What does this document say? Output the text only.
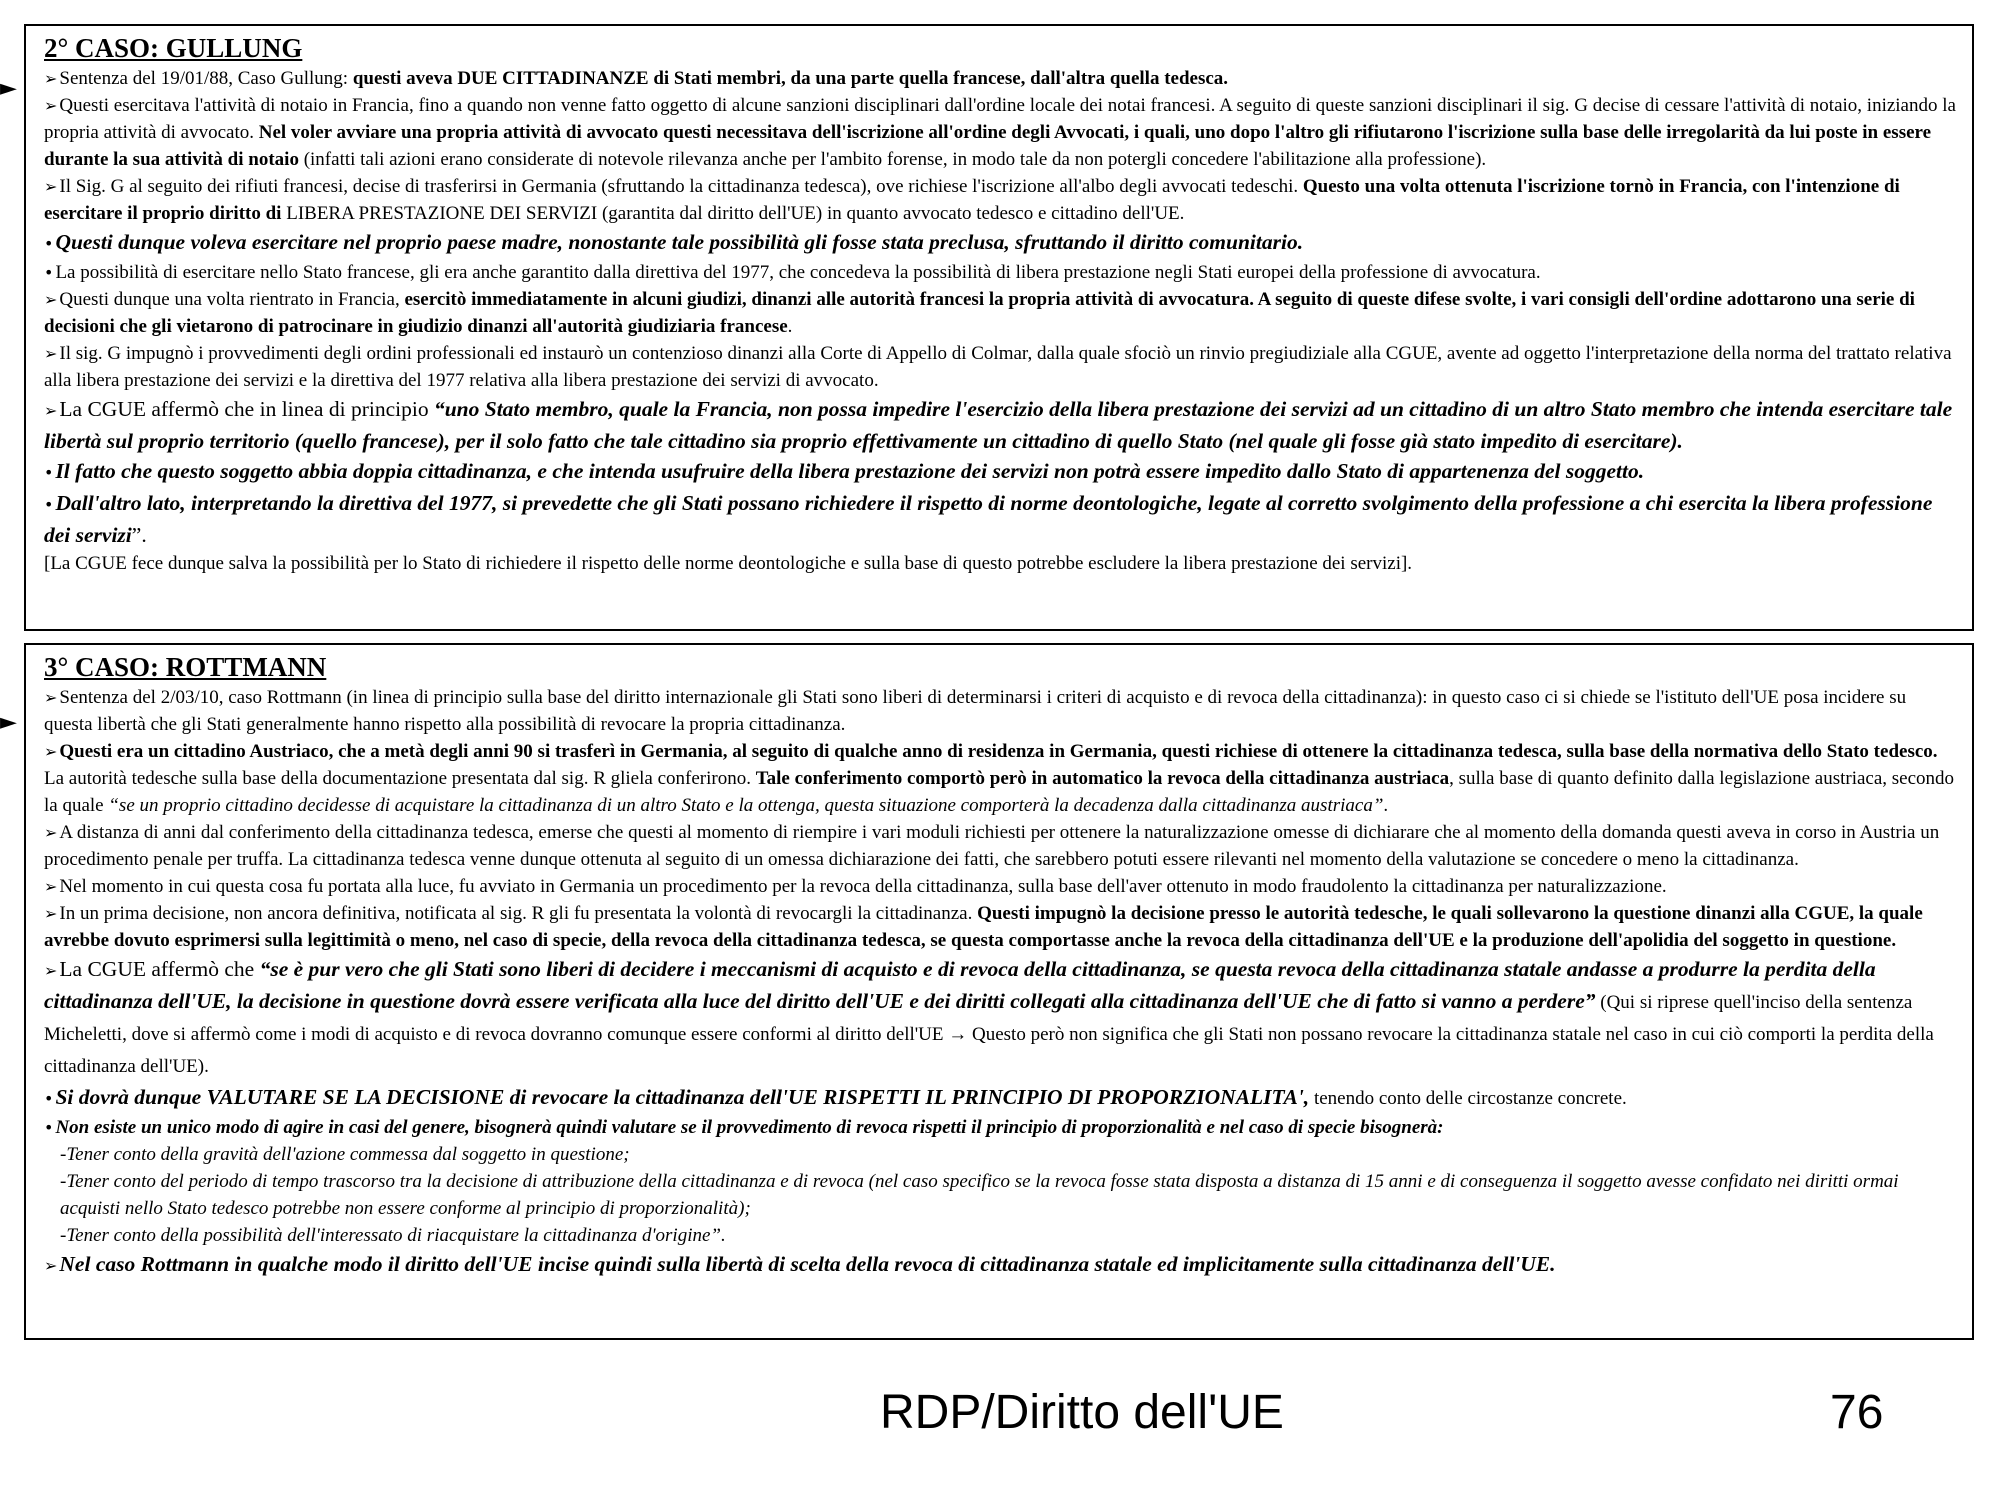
►
►
2° CASO: GULLUNG
➢ Sentenza del 19/01/88, Caso Gullung: questi aveva DUE CITTADINANZE di Stati membri, da una parte quella francese, dall'altra quella tedesca.
➢ Questi esercitava l'attività di notaio in Francia, fino a quando non venne fatto oggetto di alcune sanzioni disciplinari dall'ordine locale dei notai francesi. A seguito di queste sanzioni disciplinari il sig. G decise di cessare l'attività di notaio, iniziando la propria attività di avvocato. Nel voler avviare una propria attività di avvocato questi necessitava dell'iscrizione all'ordine degli Avvocati, i quali, uno dopo l'altro gli rifiutarono l'iscrizione sulla base delle irregolarità da lui poste in essere durante la sua attività di notaio (infatti tali azioni erano considerate di notevole rilevanza anche per l'ambito forense, in modo tale da non potergli concedere l'abilitazione alla professione).
➢ Il Sig. G al seguito dei rifiuti francesi, decise di trasferirsi in Germania (sfruttando la cittadinanza tedesca), ove richiese l'iscrizione all'albo degli avvocati tedeschi. Questo una volta ottenuta l'iscrizione tornò in Francia, con l'intenzione di esercitare il proprio diritto di LIBERA PRESTAZIONE DEI SERVIZI (garantita dal diritto dell'UE) in quanto avvocato tedesco e cittadino dell'UE.
•Questi dunque voleva esercitare nel proprio paese madre, nonostante tale possibilità gli fosse stata preclusa, sfruttando il diritto comunitario.
• La possibilità di esercitare nello Stato francese, gli era anche garantito dalla direttiva del 1977, che concedeva la possibilità di libera prestazione negli Stati europei della professione di avvocatura.
➢ Questi dunque una volta rientrato in Francia, esercitò immediatamente in alcuni giudizi, dinanzi alle autorità francesi la propria attività di avvocatura. A seguito di queste difese svolte, i vari consigli dell'ordine adottarono una serie di decisioni che gli vietarono di patrocinare in giudizio dinanzi all'autorità giudiziaria francese.
➢ Il sig. G impugnò i provvedimenti degli ordini professionali ed instaurò un contenzioso dinanzi alla Corte di Appello di Colmar, dalla quale sfociò un rinvio pregiudiziale alla CGUE, avente ad oggetto l'interpretazione della norma del trattato relativa alla libera prestazione dei servizi e la direttiva del 1977 relativa alla libera prestazione dei servizi di avvocato.
➢La CGUE affermò che in linea di principio “uno Stato membro, quale la Francia, non possa impedire l'esercizio della libera prestazione dei servizi ad un cittadino di un altro Stato membro che intenda esercitare tale libertà sul proprio territorio (quello francese), per il solo fatto che tale cittadino sia proprio effettivamente un cittadino di quello Stato (nel quale gli fosse già stato impedito di esercitare).
•Il fatto che questo soggetto abbia doppia cittadinanza, e che intenda usufruire della libera prestazione dei servizi non potrà essere impedito dallo Stato di appartenenza del soggetto.
•Dall'altro lato, interpretando la direttiva del 1977, si prevedette che gli Stati possano richiedere il rispetto di norme deontologiche, legate al corretto svolgimento della professione a chi esercita la libera professione dei servizi”.
[La CGUE fece dunque salva la possibilità per lo Stato di richiedere il rispetto delle norme deontologiche e sulla base di questo potrebbe escludere la libera prestazione dei servizi].
3° CASO: ROTTMANN
➢ Sentenza del 2/03/10, caso Rottmann (in linea di principio sulla base del diritto internazionale gli Stati sono liberi di determinarsi i criteri di acquisto e di revoca della cittadinanza): in questo caso ci si chiede se l'istituto dell'UE posa incidere su questa libertà che gli Stati generalmente hanno rispetto alla possibilità di revocare la propria cittadinanza.
➢ Questi era un cittadino Austriaco, che a metà degli anni 90 si trasferì in Germania, al seguito di qualche anno di residenza in Germania, questi richiese di ottenere la cittadinanza tedesca, sulla base della normativa dello Stato tedesco. La autorità tedesche sulla base della documentazione presentata dal sig. R gliela conferirono. Tale conferimento comportò però in automatico la revoca della cittadinanza austriaca, sulla base di quanto definito dalla legislazione austriaca, secondo la quale “se un proprio cittadino decidesse di acquistare la cittadinanza di un altro Stato e la ottenga, questa situazione comporterà la decadenza dalla cittadinanza austriaca”.
➢ A distanza di anni dal conferimento della cittadinanza tedesca, emerse che questi al momento di riempire i vari moduli richiesti per ottenere la naturalizzazione omesse di dichiarare che al momento della domanda questi aveva in corso in Austria un procedimento penale per truffa. La cittadinanza tedesca venne dunque ottenuta al seguito di un omessa dichiarazione dei fatti, che sarebbero potuti essere rilevanti nel momento della valutazione se concedere o meno la cittadinanza.
➢ Nel momento in cui questa cosa fu portata alla luce, fu avviato in Germania un procedimento per la revoca della cittadinanza, sulla base dell'aver ottenuto in modo fraudolento la cittadinanza per naturalizzazione.
➢ In un prima decisione, non ancora definitiva, notificata al sig. R gli fu presentata la volontà di revocargli la cittadinanza. Questi impugnò la decisione presso le autorità tedesche, le quali sollevarono la questione dinanzi alla CGUE, la quale avrebbe dovuto esprimersi sulla legittimità o meno, nel caso di specie, della revoca della cittadinanza tedesca, se questa comportasse anche la revoca della cittadinanza dell'UE e la produzione dell'apolidia del soggetto in questione.
➢La CGUE affermò che “se è pur vero che gli Stati sono liberi di decidere i meccanismi di acquisto e di revoca della cittadinanza, se questa revoca della cittadinanza statale andasse a produrre la perdita della cittadinanza dell'UE, la decisione in questione dovrà essere verificata alla luce del diritto dell'UE e dei diritti collegati alla cittadinanza dell'UE che di fatto si vanno a perdere” (Qui si riprese quell'inciso della sentenza Micheletti, dove si affermò come i modi di acquisto e di revoca dovranno comunque essere conformi al diritto dell'UE → Questo però non significa che gli Stati non possano revocare la cittadinanza statale nel caso in cui ciò comporti la perdita della cittadinanza dell'UE).
•Si dovrà dunque VALUTARE SE LA DECISIONE di revocare la cittadinanza dell'UE RISPETTI IL PRINCIPIO DI PROPORZIONALITA', tenendo conto delle circostanze concrete.
• Non esiste un unico modo di agire in casi del genere, bisognerà quindi valutare se il provvedimento di revoca rispetti il principio di proporzionalità e nel caso di specie bisognerà:
-Tener conto della gravità dell'azione commessa dal soggetto in questione;
-Tener conto del periodo di tempo trascorso tra la decisione di attribuzione della cittadinanza e di revoca (nel caso specifico se la revoca fosse stata disposta a distanza di 15 anni e di conseguenza il soggetto avesse confidato nei diritti ormai acquisti nello Stato tedesco potrebbe non essere conforme al principio di proporzionalità);
-Tener conto della possibilità dell'interessato di riacquistare la cittadinanza d'origine”.
➢Nel caso Rottmann in qualche modo il diritto dell'UE incise quindi sulla libertà di scelta della revoca di cittadinanza statale ed implicitamente sulla cittadinanza dell'UE.
RDP/Diritto dell'UE	76
